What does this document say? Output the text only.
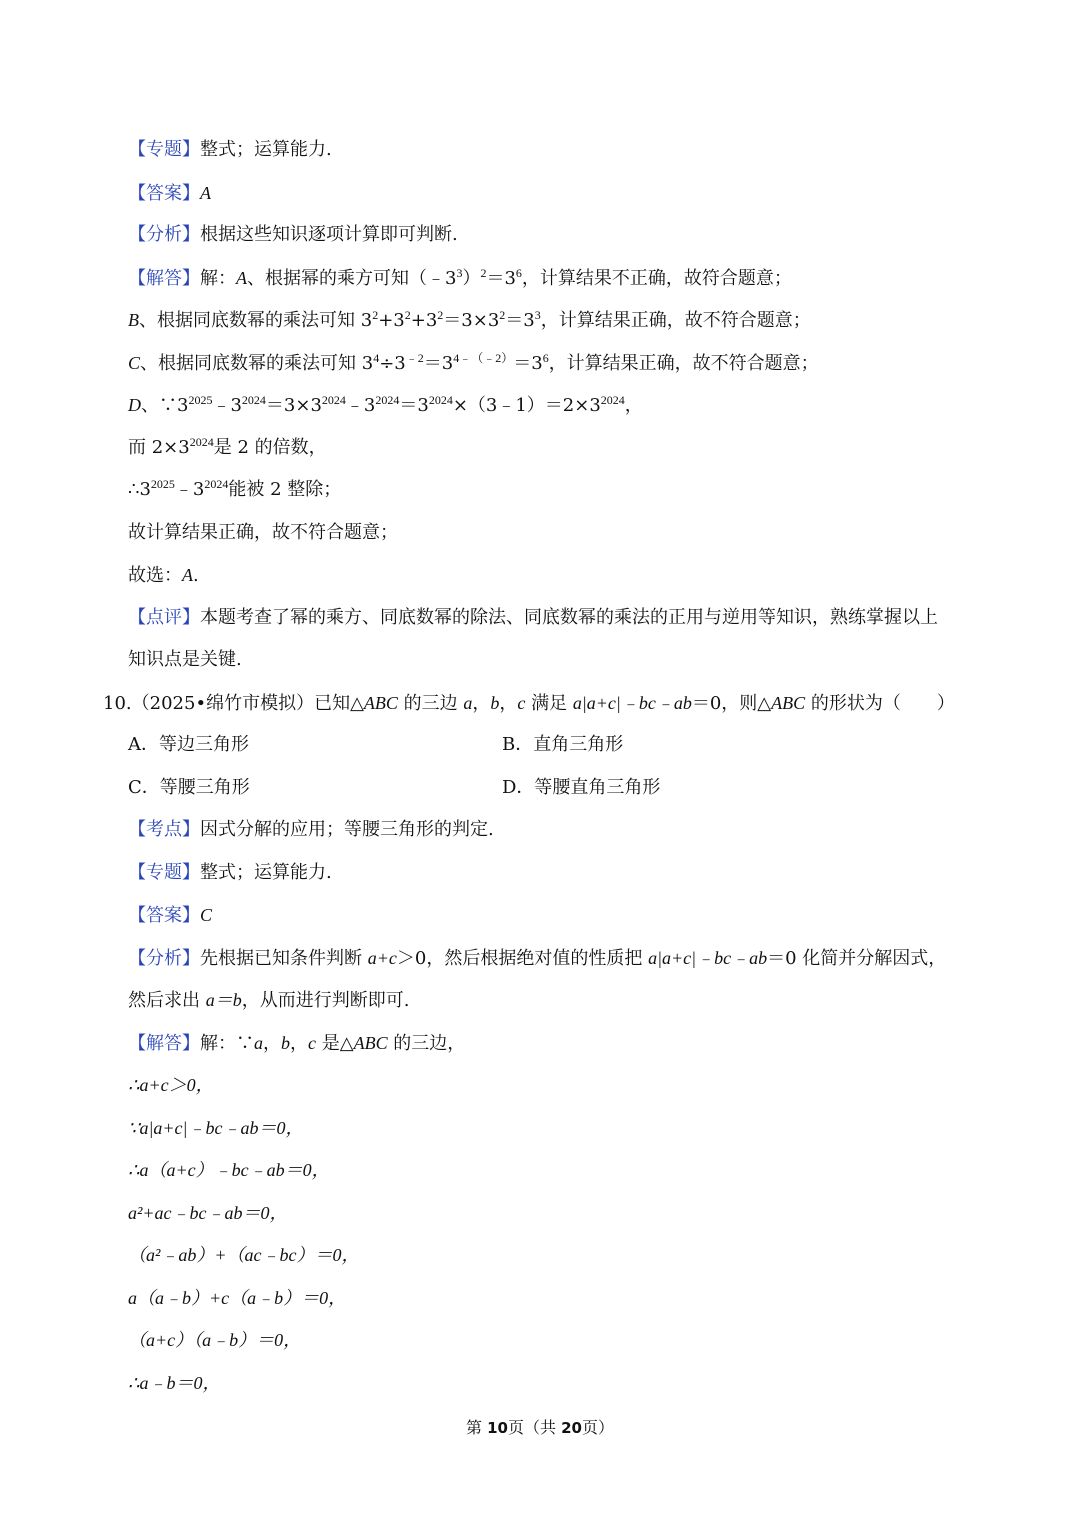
【专题】整式；运算能力.
【答案】A
【分析】根据这些知识逐项计算即可判断.
【解答】解：A、根据幂的乘方可知$(﹣3^3)^2=3^6$，计算结果不正确，故符合题意；
B、根据同底数幂的乘法可知 $3^2+3^2+3^2=3\times 3^2=3^3$，计算结果正确，故不符合题意；
C、根据同底数幂的乘法可知 $3^4\div 3^{﹣2}=3^{4﹣(﹣2)}=3^6$，计算结果正确，故不符合题意；
D、$\because 3^{2025}﹣3^{2024}=3\times 3^{2024}﹣3^{2024}=3^{2024}\times(3﹣1)=2\times 3^{2024}$，
而 $2\times 3^{2024}$是 2 的倍数，
$\therefore 3^{2025}﹣3^{2024}$能被 2 整除；
故计算结果正确，故不符合题意；
故选：A.
【点评】本题考查了幂的乘方、同底数幂的除法、同底数幂的乘法的正用与逆用等知识，熟练掌握以上
知识点是关键.
10.（2025•绵竹市模拟）已知△ABC 的三边 a，b，c 满足 a|a+c|﹣bc﹣ab＝0，则△ABC 的形状为（　　）
A．等边三角形	B．直角三角形
C．等腰三角形	D．等腰直角三角形
【考点】因式分解的应用；等腰三角形的判定.
【专题】整式；运算能力.
【答案】C
【分析】先根据已知条件判断 a+c＞0，然后根据绝对值的性质把 a|a+c|﹣bc﹣ab＝0 化简并分解因式，
然后求出 a＝b，从而进行判断即可.
【解答】解：∵a，b，c 是△ABC 的三边，
∴a+c＞0，
∵a|a+c|﹣bc﹣ab＝0，
∴a（a+c）﹣bc﹣ab＝0，
a²+ac﹣bc﹣ab＝0，
（a²﹣ab）+（ac﹣bc）＝0，
a（a﹣b）+c（a﹣b）＝0，
（a+c）（a﹣b）＝0，
∴a﹣b＝0，
第 10页（共 20页）
